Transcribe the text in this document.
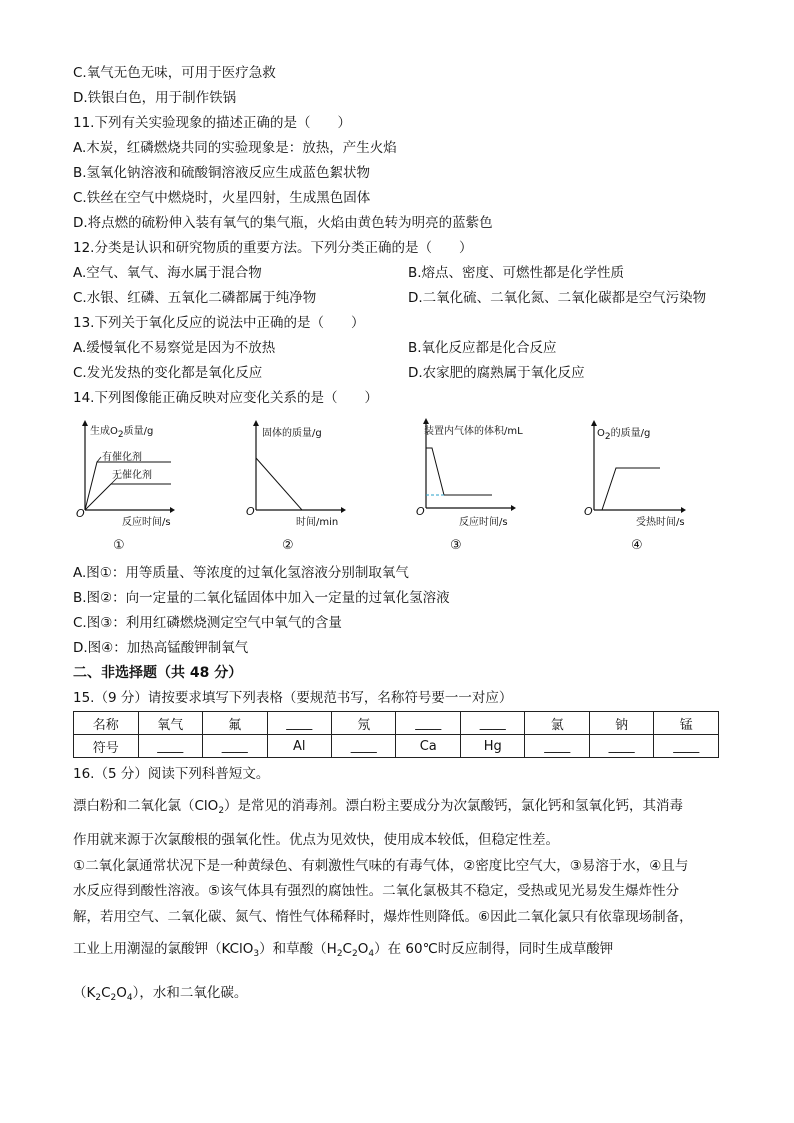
C.氧气无色无味，可用于医疗急救
D.铁银白色，用于制作铁锅
11.下列有关实验现象的描述正确的是（　　）
A.木炭，红磷燃烧共同的实验现象是：放热，产生火焰
B.氢氧化钠溶液和硫酸铜溶液反应生成蓝色絮状物
C.铁丝在空气中燃烧时，火星四射，生成黑色固体
D.将点燃的硫粉伸入装有氧气的集气瓶，火焰由黄色转为明亮的蓝紫色
12.分类是认识和研究物质的重要方法。下列分类正确的是（　　）
A.空气、氧气、海水属于混合物	B.熔点、密度、可燃性都是化学性质
C.水银、红磷、五氧化二磷都属于纯净物	D.二氧化硫、二氧化氮、二氧化碳都是空气污染物
13.下列关于氧化反应的说法中正确的是（　　）
A.缓慢氧化不易察觉是因为不放热	B.氧化反应都是化合反应
C.发光发热的变化都是氧化反应	D.农家肥的腐熟属于氧化反应
14.下列图像能正确反映对应变化关系的是（　　）
生成$O_2$质量/g
有催化剂
无催化剂
O
反应时间/s
①
固体的质量/g
O
时间/min
②
装置内气体的体积/mL
O
反应时间/s
③
$O_2$的质量/g
O
受热时间/s
④
A.图①：用等质量、等浓度的过氧化氢溶液分别制取氧气
B.图②：向一定量的二氧化锰固体中加入一定量的过氧化氢溶液
C.图③：利用红磷燃烧测定空气中氧气的含量
D.图④：加热高锰酸钾制氧气
二、非选择题（共 48 分）
15.（9 分）请按要求填写下列表格（要规范书写，名称符号要一一对应）
名称	氧气	氟	____	氖	____	____	氯	钠	锰
符号	____	____	Al	____	Ca	Hg	____	____	____
16.（5 分）阅读下列科普短文。
漂白粉和二氧化氯（ClO$_2$）是常见的消毒剂。漂白粉主要成分为次氯酸钙，氯化钙和氢氧化钙，其消毒
作用就来源于次氯酸根的强氧化性。优点为见效快，使用成本较低，但稳定性差。
①二氧化氯通常状况下是一种黄绿色、有刺激性气味的有毒气体，②密度比空气大，③易溶于水，④且与
水反应得到酸性溶液。⑤该气体具有强烈的腐蚀性。二氧化氯极其不稳定，受热或见光易发生爆炸性分
解，若用空气、二氧化碳、氮气、惰性气体稀释时，爆炸性则降低。⑥因此二氧化氯只有依靠现场制备，
工业上用潮湿的氯酸钾（KClO$_3$）和草酸$(H_2C_2O_4)$在 60℃时反应制得，同时生成草酸钾
$(K_2C_2O_4)$，水和二氧化碳。
